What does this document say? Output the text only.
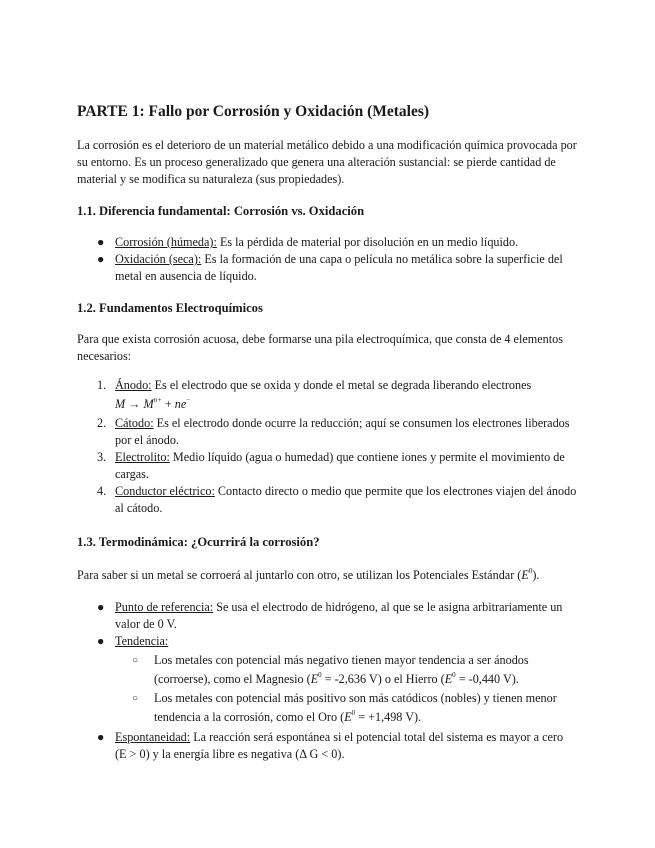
PARTE 1: Fallo por Corrosión y Oxidación (Metales)

La corrosión es el deterioro de un material metálico debido a una modificación química provocada por su entorno. Es un proceso generalizado que genera una alteración sustancial: se pierde cantidad de material y se modifica su naturaleza (sus propiedades).

1.1. Diferencia fundamental: Corrosión vs. Oxidación
● Corrosión (húmeda): Es la pérdida de material por disolución en un medio líquido.
● Oxidación (seca): Es la formación de una capa o película no metálica sobre la superficie del metal en ausencia de líquido.
1.2. Fundamentos Electroquímicos

Para que exista corrosión acuosa, debe formarse una pila electroquímica, que consta de 4 elementos necesarios:

1. Ánodo: Es el electrodo que se oxida y donde el metal se degrada liberando electrones
$M \to M^{n+} + ne^-$
2. Cátodo: Es el electrodo donde ocurre la reducción; aquí se consumen los electrones liberados por el ánodo.
3. Electrolito: Medio líquido (agua o humedad) que contiene iones y permite el movimiento de cargas.
4. Conductor eléctrico: Contacto directo o medio que permite que los electrones viajen del ánodo al cátodo.
1.3. Termodinámica: ¿Ocurrirá la corrosión?

Para saber si un metal se corroerá al juntarlo con otro, se utilizan los Potenciales Estándar $(E^0)$.

● Punto de referencia: Se usa el electrodo de hidrógeno, al que se le asigna arbitrariamente un valor de 0 V.
● Tendencia:
○ Los metales con potencial más negativo tienen mayor tendencia a ser ánodos (corroerse), como el Magnesio ($E^0 = -2,636$ V) o el Hierro ($E^0 = -0,440$ V).
○ Los metales con potencial más positivo son más catódicos (nobles) y tienen menor tendencia a la corrosión, como el Oro ($E^0 = +1,498$ V).
● Espontaneidad: La reacción será espontánea si el potencial total del sistema es mayor a cero (E > 0) y la energía libre es negativa (Δ G < 0).
